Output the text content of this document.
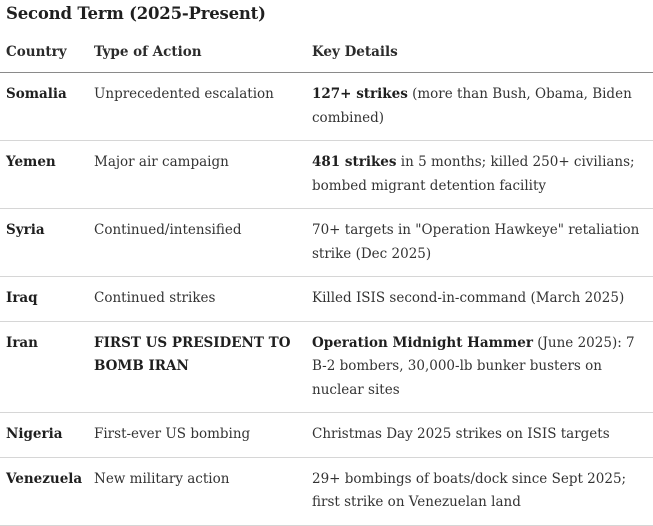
Second Term (2025-Present)
Country	Type of Action	Key Details
Somalia	Unprecedented escalation	127+ strikes (more than Bush, Obama, Biden combined)
Yemen	Major air campaign	481 strikes in 5 months; killed 250+ civilians; bombed migrant detention facility
Syria	Continued/intensified	70+ targets in "Operation Hawkeye" retaliation strike (Dec 2025)
Iraq	Continued strikes	Killed ISIS second-in-command (March 2025)
Iran	FIRST US PRESIDENT TO BOMB IRAN	Operation Midnight Hammer (June 2025): 7 B-2 bombers, 30,000-lb bunker busters on nuclear sites
Nigeria	First-ever US bombing	Christmas Day 2025 strikes on ISIS targets
Venezuela	New military action	29+ bombings of boats/dock since Sept 2025; first strike on Venezuelan land
